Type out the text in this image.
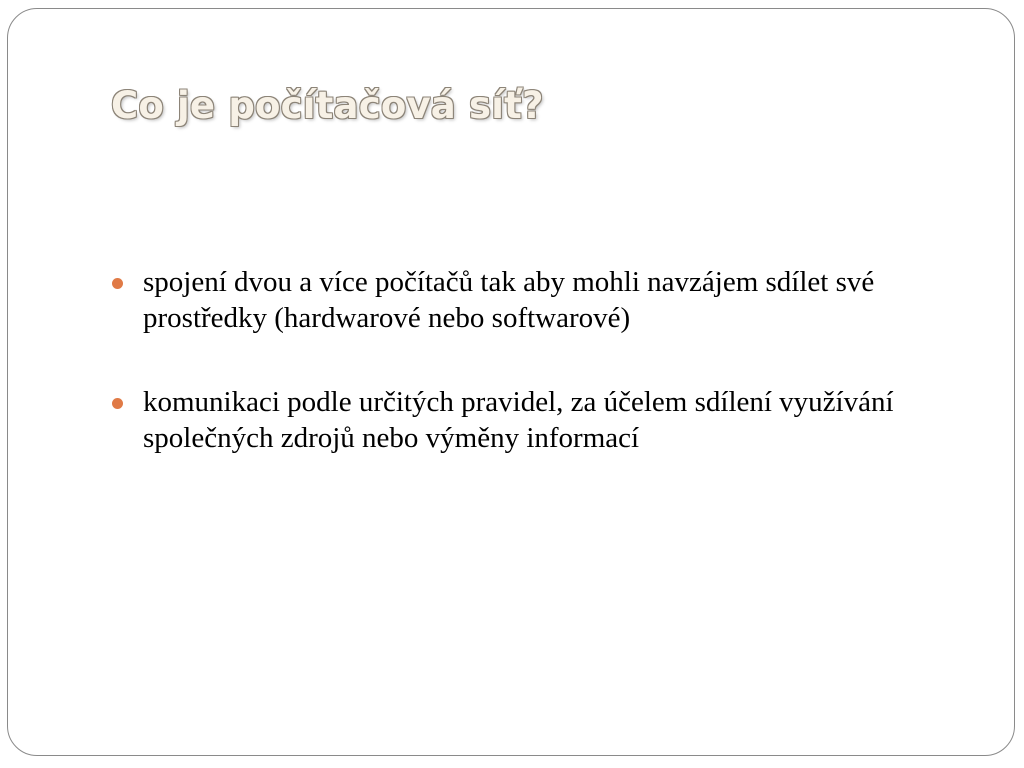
Co je počítačová síť?
spojení dvou a více počítačů tak aby mohli navzájem sdílet své prostředky (hardwarové nebo softwarové)
komunikaci podle určitých pravidel, za účelem sdílení využívání společných zdrojů nebo výměny informací
